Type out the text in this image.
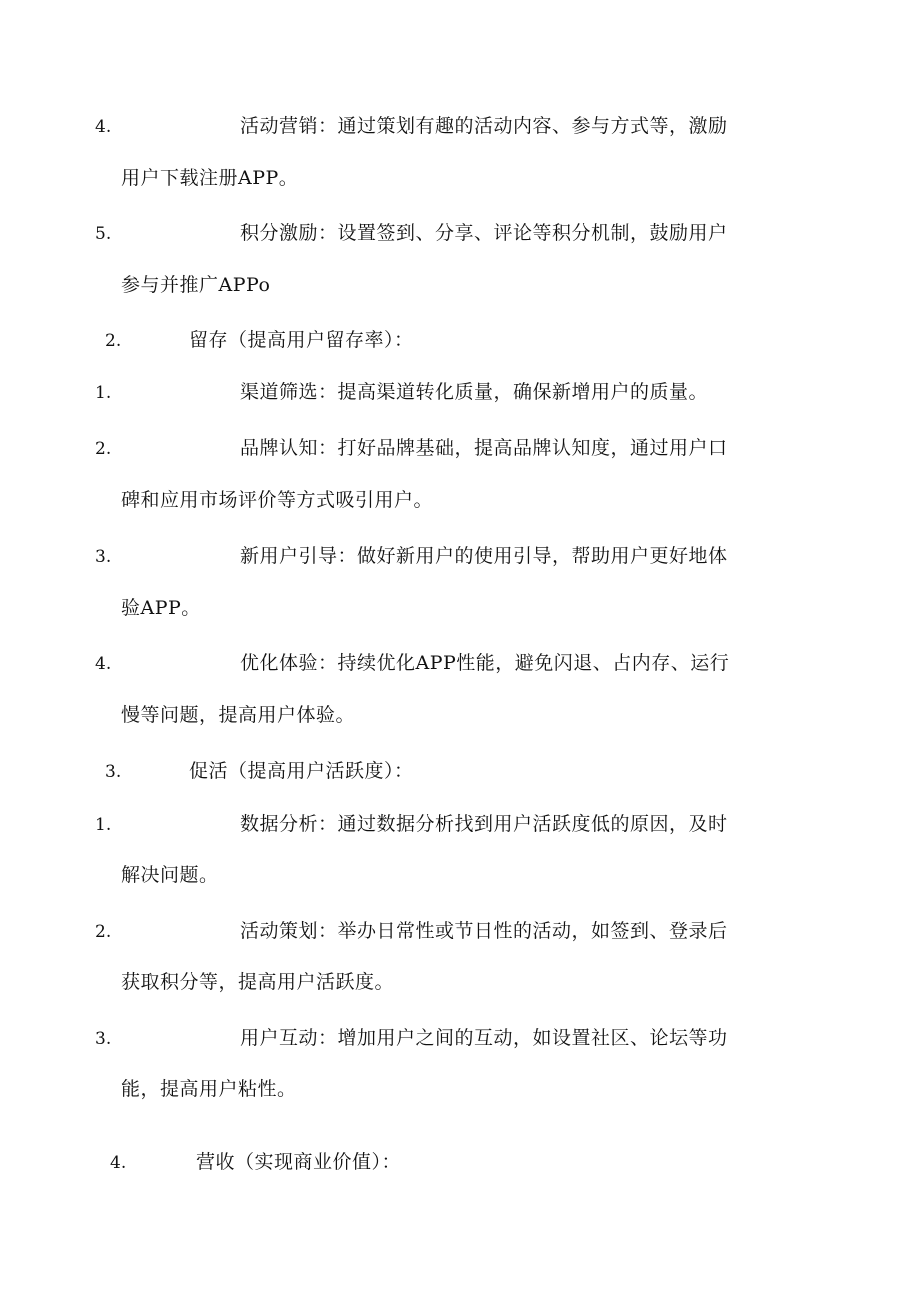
4.	活动营销：通过策划有趣的活动内容、参与方式等，激励
用户下载注册APP。
5.	积分激励：设置签到、分享、评论等积分机制，鼓励用户
参与并推广APPo
2.	留存（提高用户留存率）：
1.	渠道筛选：提高渠道转化质量，确保新增用户的质量。
2.	品牌认知：打好品牌基础，提高品牌认知度，通过用户口
碑和应用市场评价等方式吸引用户。
3.	新用户引导：做好新用户的使用引导，帮助用户更好地体
验APP。
4.	优化体验：持续优化APP性能，避免闪退、占内存、运行
慢等问题，提高用户体验。
3.	促活（提高用户活跃度）：
1.	数据分析：通过数据分析找到用户活跃度低的原因，及时
解决问题。
2.	活动策划：举办日常性或节日性的活动，如签到、登录后
获取积分等，提高用户活跃度。
3.	用户互动：增加用户之间的互动，如设置社区、论坛等功
能，提高用户粘性。
4.	营收（实现商业价值）：
